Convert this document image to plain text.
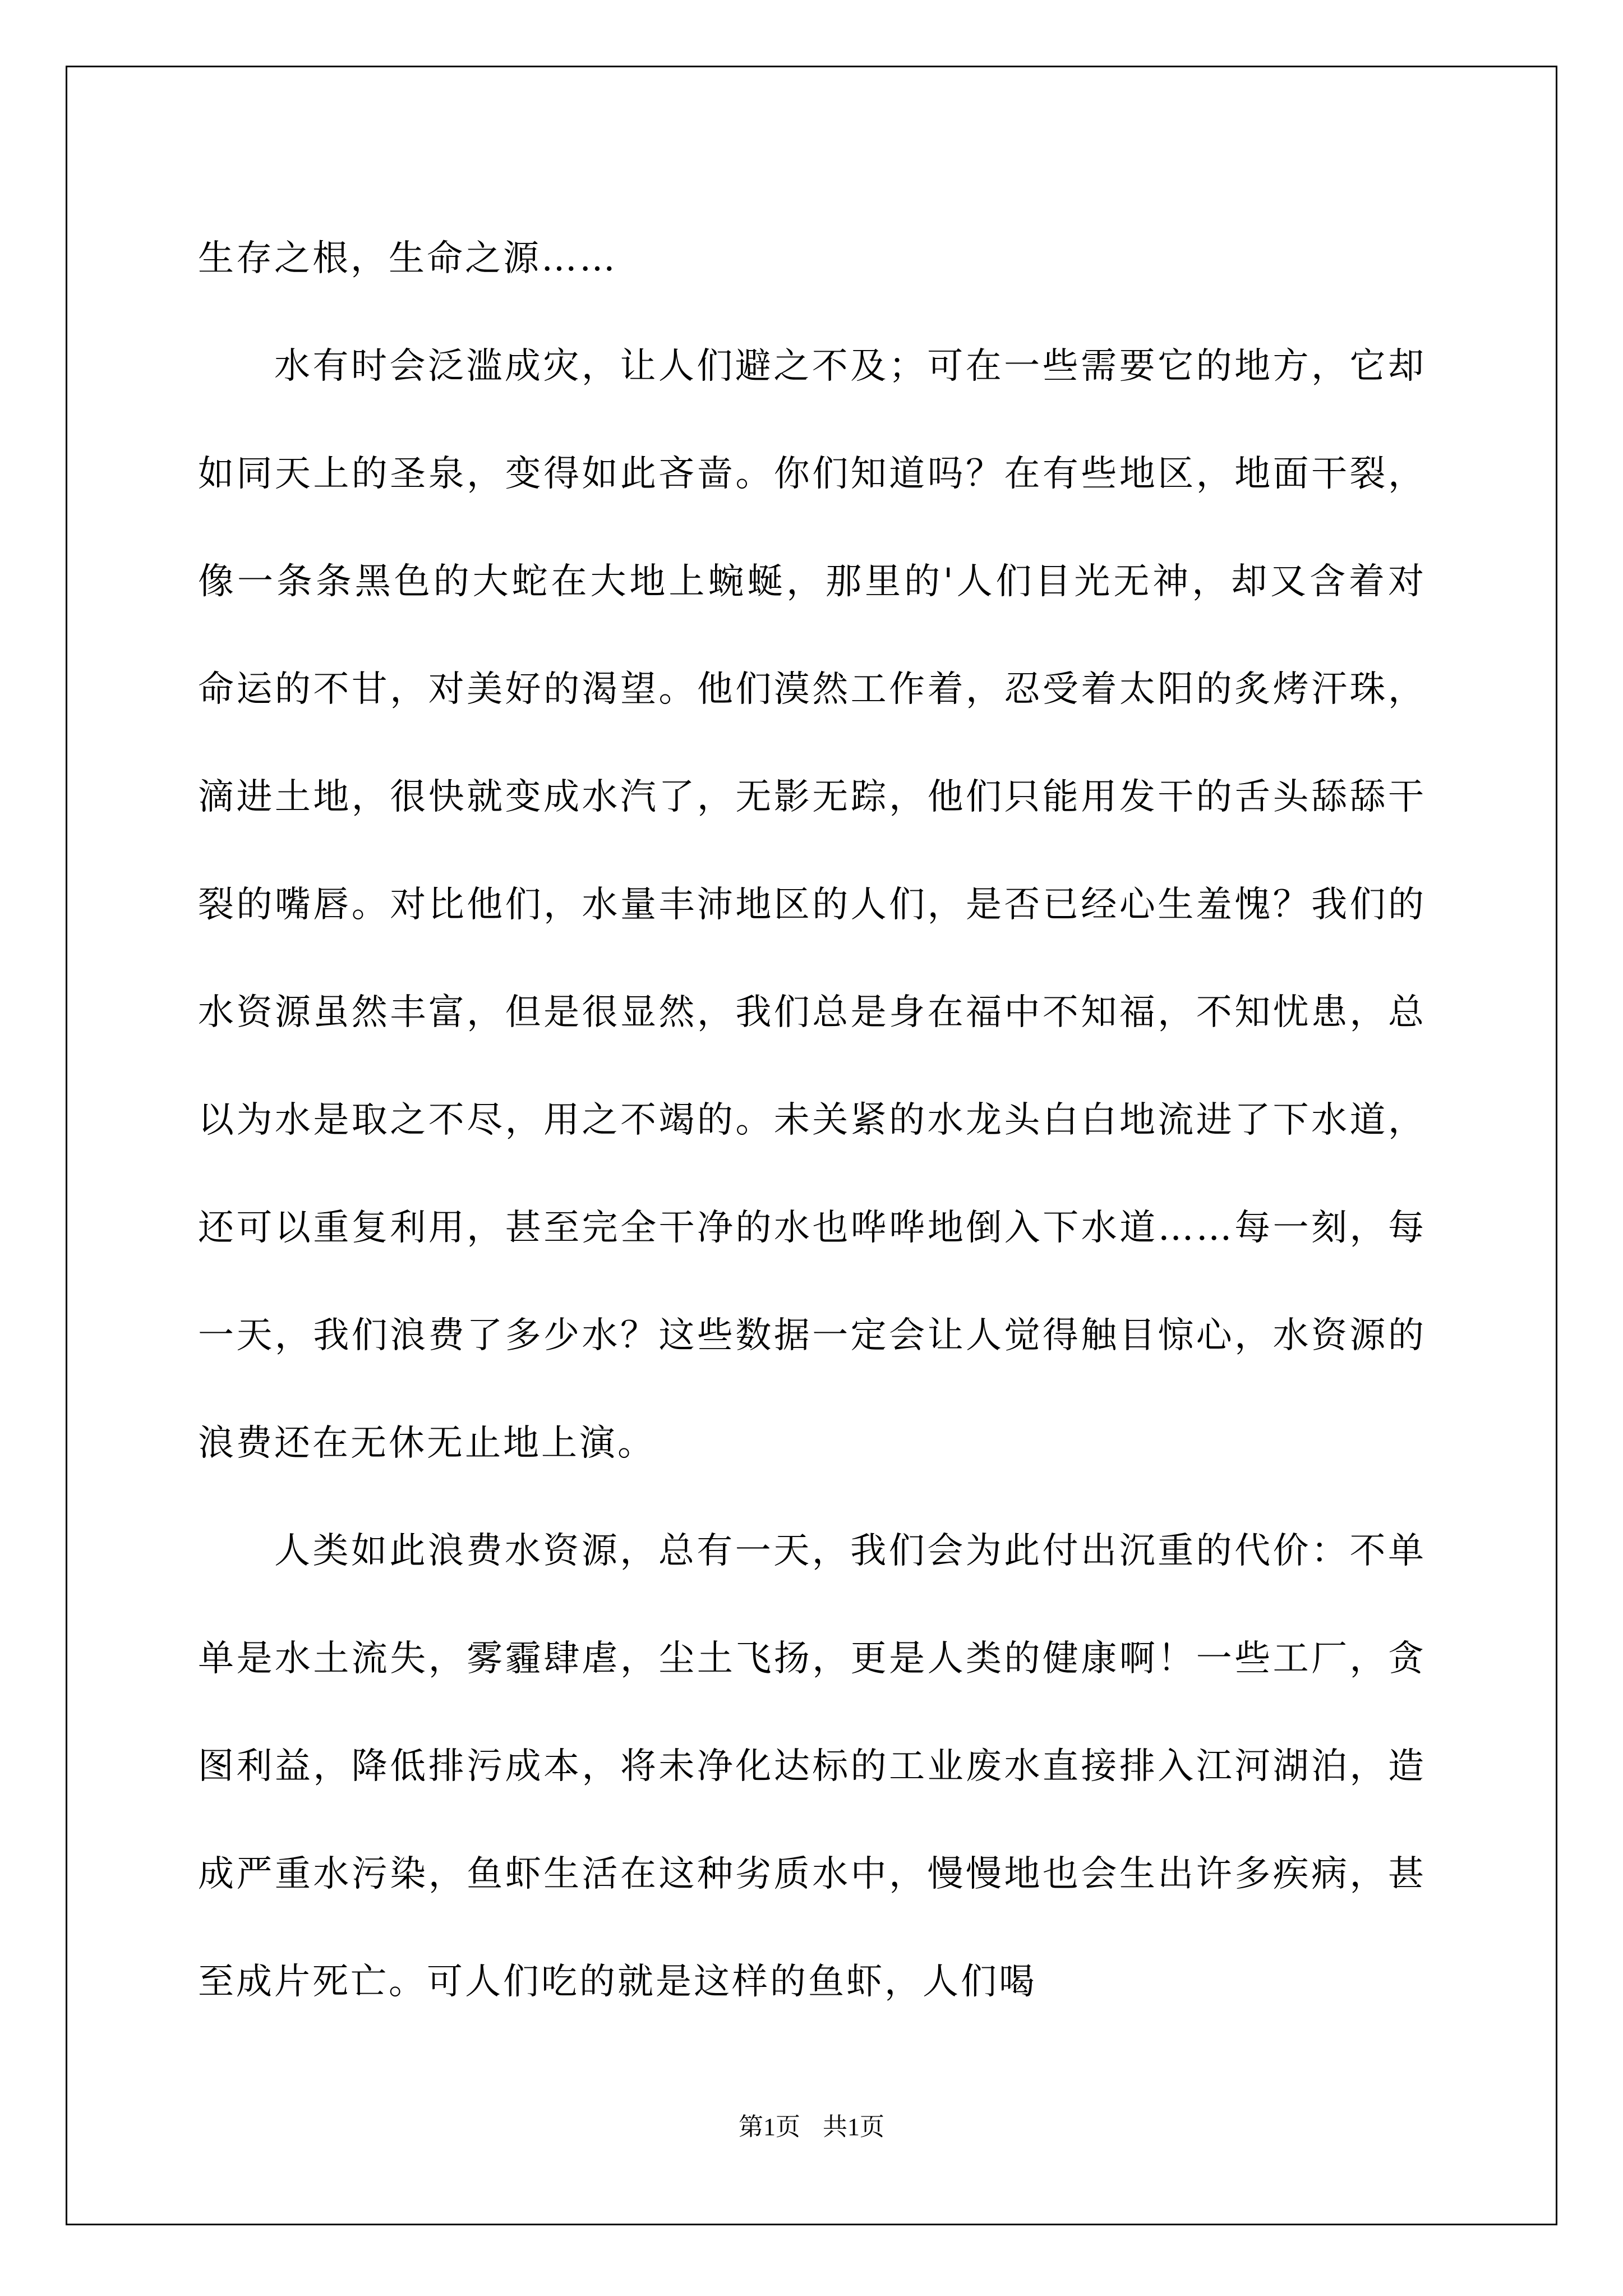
生存之根，生命之源……

水有时会泛滥成灾，让人们避之不及；可在一些需要它的地方，它却如同天上的圣泉，变得如此吝啬。你们知道吗？在有些地区，地面干裂，像一条条黑色的大蛇在大地上蜿蜒，那里的'人们目光无神，却又含着对命运的不甘，对美好的渴望。他们漠然工作着，忍受着太阳的炙烤汗珠，滴进土地，很快就变成水汽了，无影无踪，他们只能用发干的舌头舔舔干裂的嘴唇。对比他们，水量丰沛地区的人们，是否已经心生羞愧？我们的水资源虽然丰富，但是很显然，我们总是身在福中不知福，不知忧患，总以为水是取之不尽，用之不竭的。未关紧的水龙头白白地流进了下水道，还可以重复利用，甚至完全干净的水也哗哗地倒入下水道……每一刻，每一天，我们浪费了多少水？这些数据一定会让人觉得触目惊心，水资源的浪费还在无休无止地上演。

人类如此浪费水资源，总有一天，我们会为此付出沉重的代价：不单单是水土流失，雾霾肆虐，尘土飞扬，更是人类的健康啊！一些工厂，贪图利益，降低排污成本，将未净化达标的工业废水直接排入江河湖泊，造成严重水污染，鱼虾生活在这种劣质水中，慢慢地也会生出许多疾病，甚至成片死亡。可人们吃的就是这样的鱼虾，人们喝

第1页 共1页
